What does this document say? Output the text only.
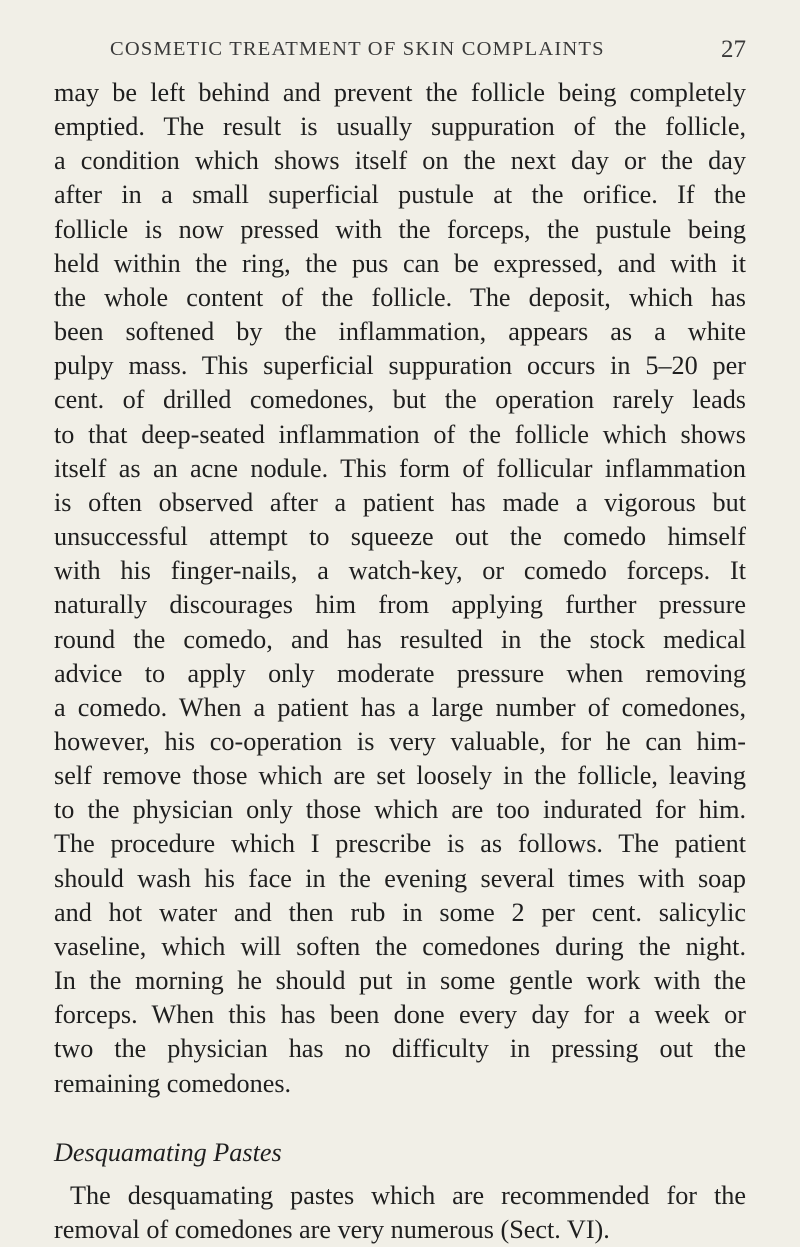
COSMETIC TREATMENT OF SKIN COMPLAINTS	27

may be left behind and prevent the follicle being completely
emptied. The result is usually suppuration of the follicle,
a condition which shows itself on the next day or the day
after in a small superficial pustule at the orifice. If the
follicle is now pressed with the forceps, the pustule being
held within the ring, the pus can be expressed, and with it
the whole content of the follicle. The deposit, which has
been softened by the inflammation, appears as a white
pulpy mass. This superficial suppuration occurs in 5–20 per
cent. of drilled comedones, but the operation rarely leads
to that deep-seated inflammation of the follicle which shows
itself as an acne nodule. This form of follicular inflammation
is often observed after a patient has made a vigorous but
unsuccessful attempt to squeeze out the comedo himself
with his finger-nails, a watch-key, or comedo forceps. It
naturally discourages him from applying further pressure
round the comedo, and has resulted in the stock medical
advice to apply only moderate pressure when removing
a comedo. When a patient has a large number of comedones,
however, his co-operation is very valuable, for he can him-
self remove those which are set loosely in the follicle, leaving
to the physician only those which are too indurated for him.
The procedure which I prescribe is as follows. The patient
should wash his face in the evening several times with soap
and hot water and then rub in some 2 per cent. salicylic
vaseline, which will soften the comedones during the night.
In the morning he should put in some gentle work with the
forceps. When this has been done every day for a week or
two the physician has no difficulty in pressing out the
remaining comedones.

Desquamating Pastes

The desquamating pastes which are recommended for the
removal of comedones are very numerous (Sect. VI).
